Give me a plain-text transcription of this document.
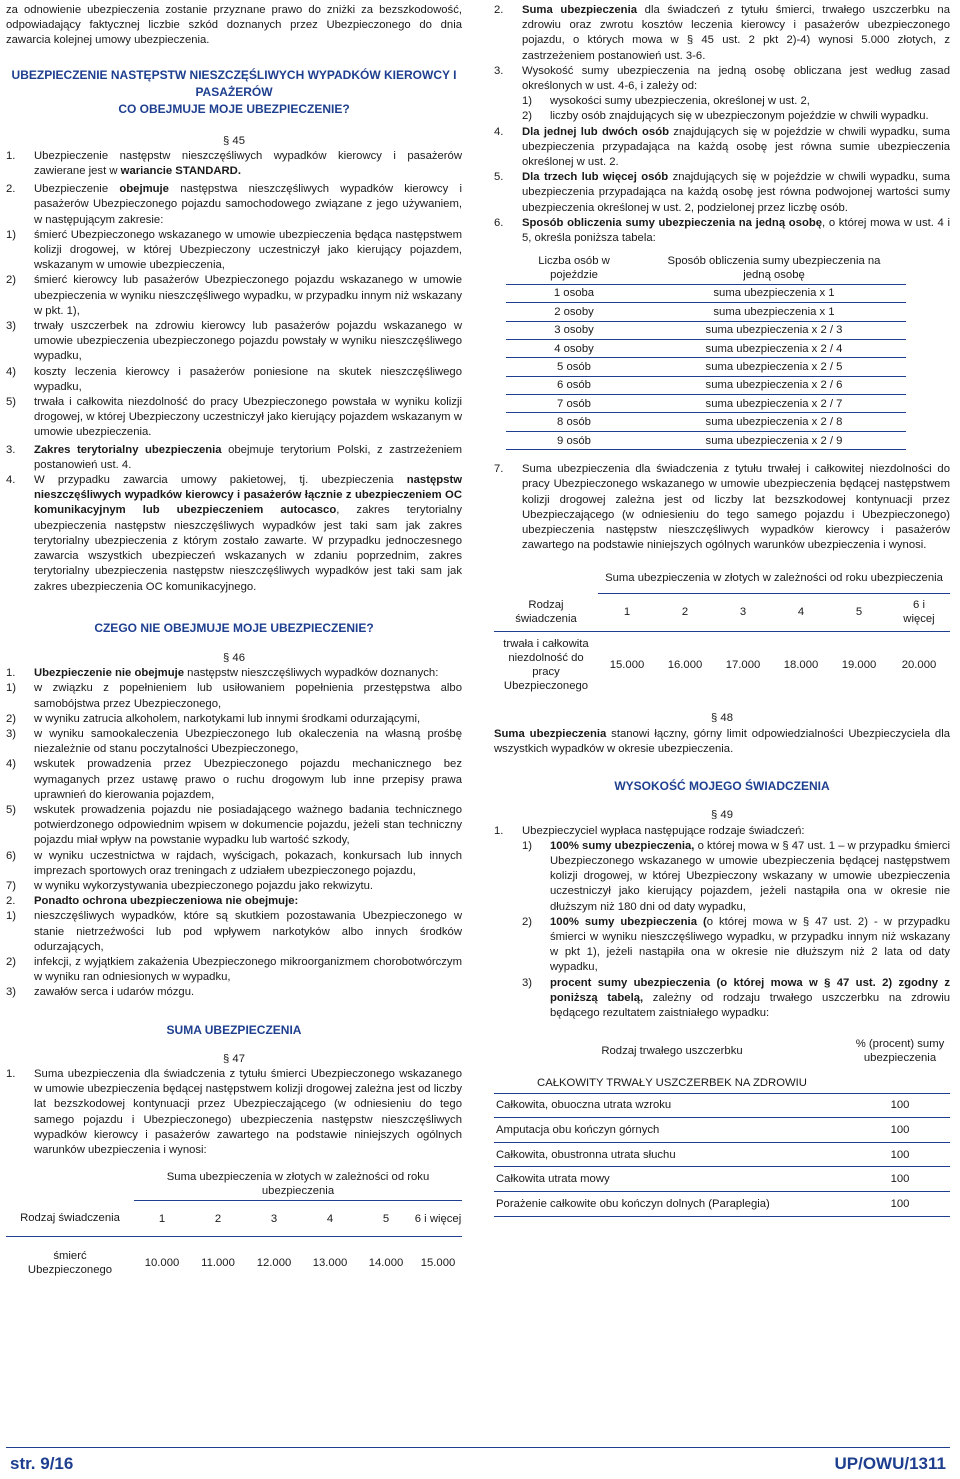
za odnowienie ubezpieczenia zostanie przyznane prawo do zniżki za bezszkodowość, odpowiadający faktycznej liczbie szkód doznanych przez Ubezpieczonego do dnia zawarcia kolejnej umowy ubezpieczenia.

UBEZPIECZENIE NASTĘPSTW NIESZCZĘŚLIWYCH WYPADKÓW KIEROWCY I PASAŻERÓW

CO OBEJMUJE MOJE UBEZPIECZENIE?

§ 45

1. Ubezpieczenie następstw nieszczęśliwych wypadków kierowcy i pasażerów zawierane jest w wariancie STANDARD.

2. Ubezpieczenie obejmuje następstwa nieszczęśliwych wypadków kierowcy i pasażerów Ubezpieczonego pojazdu samochodowego związane z jego używaniem, w następującym zakresie:

1) śmierć Ubezpieczonego wskazanego w umowie ubezpieczenia będąca następstwem kolizji drogowej, w której Ubezpieczony uczestniczył jako kierujący pojazdem, wskazanym w umowie ubezpieczenia,

2) śmierć kierowcy lub pasażerów Ubezpieczonego pojazdu wskazanego w umowie ubezpieczenia w wyniku nieszczęśliwego wypadku, w przypadku innym niż wskazany w pkt. 1),

3) trwały uszczerbek na zdrowiu kierowcy lub pasażerów pojazdu wskazanego w umowie ubezpieczenia ubezpieczonego pojazdu powstały w wyniku nieszczęśliwego wypadku,

4) koszty leczenia kierowcy i pasażerów poniesione na skutek nieszczęśliwego wypadku,

5) trwała i całkowita niezdolność do pracy Ubezpieczonego powstała w wyniku kolizji drogowej, w której Ubezpieczony uczestniczył jako kierujący pojazdem wskazanym w umowie ubezpieczenia.

3. Zakres terytorialny ubezpieczenia obejmuje terytorium Polski, z zastrzeżeniem postanowień ust. 4.

4. W przypadku zawarcia umowy pakietowej, tj. ubezpieczenia następstw nieszczęśliwych wypadków kierowcy i pasażerów łącznie z ubezpieczeniem OC komunikacyjnym lub ubezpieczeniem autocasco, zakres terytorialny ubezpieczenia następstw nieszczęśliwych wypadków jest taki sam jak zakres terytorialny ubezpieczenia z którym zostało zawarte. W przypadku jednoczesnego zawarcia wszystkich ubezpieczeń wskazanych w zdaniu poprzednim, zakres terytorialny ubezpieczenia następstw nieszczęśliwych wypadków jest taki sam jak zakres ubezpieczenia OC komunikacyjnego.

CZEGO NIE OBEJMUJE MOJE UBEZPIECZENIE?

§ 46

1. Ubezpieczenie nie obejmuje następstw nieszczęśliwych wypadków doznanych:

1) w związku z popełnieniem lub usiłowaniem popełnienia przestępstwa albo samobójstwa przez Ubezpieczonego,

2) w wyniku zatrucia alkoholem, narkotykami lub innymi środkami odurzającymi,

3) w wyniku samookaleczenia Ubezpieczonego lub okaleczenia na własną prośbę niezależnie od stanu poczytalności Ubezpieczonego,

4) wskutek prowadzenia przez Ubezpieczonego pojazdu mechanicznego bez wymaganych przez ustawę prawo o ruchu drogowym lub inne przepisy prawa uprawnień do kierowania pojazdem,

5) wskutek prowadzenia pojazdu nie posiadającego ważnego badania technicznego potwierdzonego odpowiednim wpisem w dokumencie pojazdu, jeżeli stan techniczny pojazdu miał wpływ na powstanie wypadku lub wartość szkody,

6) w wyniku uczestnictwa w rajdach, wyścigach, pokazach, konkursach lub innych imprezach sportowych oraz treningach z udziałem ubezpieczonego pojazdu,

7) w wyniku wykorzystywania ubezpieczonego pojazdu jako rekwizytu.

2. Ponadto ochrona ubezpieczeniowa nie obejmuje:

1) nieszczęśliwych wypadków, które są skutkiem pozostawania Ubezpieczonego w stanie nietrzeźwości lub pod wpływem narkotyków albo innych środków odurzających,

2) infekcji, z wyjątkiem zakażenia Ubezpieczonego mikroorganizmem chorobotwórczym w wyniku ran odniesionych w wypadku,

3) zawałów serca i udarów mózgu.

SUMA UBEZPIECZENIA

§ 47

1. Suma ubezpieczenia dla świadczenia z tytułu śmierci Ubezpieczonego wskazanego w umowie ubezpieczenia będącej następstwem kolizji drogowej zależna jest od liczby lat bezszkodowej kontynuacji przez Ubezpieczającego (w odniesieniu do tego samego pojazdu i Ubezpieczonego) ubezpieczenia następstw nieszczęśliwych wypadków kierowcy i pasażerów zawartego na podstawie niniejszych ogólnych warunków ubezpieczenia i wynosi:

	Suma ubezpieczenia w złotych w zależności od roku ubezpieczenia					
Rodzaj świadczenia	1	2	3	4	5	6 i więcej
śmierć Ubezpieczonego	10.000	11.000	12.000	13.000	14.000	15.000

2. Suma ubezpieczenia dla świadczeń z tytułu śmierci, trwałego uszczerbku na zdrowiu oraz zwrotu kosztów leczenia kierowcy i pasażerów ubezpieczonego pojazdu, o których mowa w § 45 ust. 2 pkt 2)-4) wynosi 5.000 złotych, z zastrzeżeniem postanowień ust. 3-6.

3. Wysokość sumy ubezpieczenia na jedną osobę obliczana jest według zasad określonych w ust. 4-6, i zależy od:

1) wysokości sumy ubezpieczenia, określonej w ust. 2,

2) liczby osób znajdujących się w ubezpieczonym pojeździe w chwili wypadku.

4. Dla jednej lub dwóch osób znajdujących się w pojeździe w chwili wypadku, suma ubezpieczenia przypadająca na każdą osobę jest równa sumie ubezpieczenia określonej w ust. 2.

5. Dla trzech lub więcej osób znajdujących się w pojeździe w chwili wypadku, suma ubezpieczenia przypadająca na każdą osobę jest równa podwojonej wartości sumy ubezpieczenia określonej w ust. 2, podzielonej przez liczbę osób.

6. Sposób obliczenia sumy ubezpieczenia na jedną osobę, o której mowa w ust. 4 i 5, określa poniższa tabela:

Liczba osób w pojeździe	Sposób obliczenia sumy ubezpieczenia na jedną osobę
1 osoba	suma ubezpieczenia x 1
2 osoby	suma ubezpieczenia x 1
3 osoby	suma ubezpieczenia x 2 / 3
4 osoby	suma ubezpieczenia x 2 / 4
5 osób	suma ubezpieczenia x 2 / 5
6 osób	suma ubezpieczenia x 2 / 6
7 osób	suma ubezpieczenia x 2 / 7
8 osób	suma ubezpieczenia x 2 / 8
9 osób	suma ubezpieczenia x 2 / 9

7. Suma ubezpieczenia dla świadczenia z tytułu trwałej i całkowitej niezdolności do pracy Ubezpieczonego wskazanego w umowie ubezpieczenia będącej następstwem kolizji drogowej zależna jest od liczby lat bezszkodowej kontynuacji przez Ubezpieczającego (w odniesieniu do tego samego pojazdu i Ubezpieczonego) ubezpieczenia następstw nieszczęśliwych wypadków kierowcy i pasażerów zawartego na podstawie niniejszych ogólnych warunków ubezpieczenia i wynosi.

	Suma ubezpieczenia w złotych w zależności od roku ubezpieczenia					
Rodzaj świadczenia	1	2	3	4	5	6 i więcej
trwała i całkowita niezdolność do pracy Ubezpieczonego	15.000	16.000	17.000	18.000	19.000	20.000

§ 48

Suma ubezpieczenia stanowi łączny, górny limit odpowiedzialności Ubezpieczyciela dla wszystkich wypadków w okresie ubezpieczenia.

WYSOKOŚĆ MOJEGO ŚWIADCZENIA

§ 49

1. Ubezpieczyciel wypłaca następujące rodzaje świadczeń:

1) 100% sumy ubezpieczenia, o której mowa w § 47 ust. 1 – w przypadku śmierci Ubezpieczonego wskazanego w umowie ubezpieczenia będącej następstwem kolizji drogowej, w której Ubezpieczony wskazany w umowie ubezpieczenia uczestniczył jako kierujący pojazdem, jeżeli nastąpiła ona w okresie nie dłuższym niż 180 dni od daty wypadku,

2) 100% sumy ubezpieczenia (o której mowa w § 47 ust. 2) - w przypadku śmierci w wyniku nieszczęśliwego wypadku, w przypadku innym niż wskazany w pkt 1), jeżeli nastąpiła ona w okresie nie dłuższym niż 2 lata od daty wypadku,

3) procent sumy ubezpieczenia (o której mowa w § 47 ust. 2) zgodny z poniższą tabelą, zależny od rodzaju trwałego uszczerbku na zdrowiu będącego rezultatem zaistniałego wypadku:

Rodzaj trwałego uszczerbku	% (procent) sumy ubezpieczenia
CAŁKOWITY TRWAŁY USZCZERBEK NA ZDROWIU	
Całkowita, obuoczna utrata wzroku	100
Amputacja obu kończyn górnych	100
Całkowita, obustronna utrata słuchu	100
Całkowita utrata mowy	100
Porażenie całkowite obu kończyn dolnych (Paraplegia)	100
str. 9/16	UP/OWU/1311
